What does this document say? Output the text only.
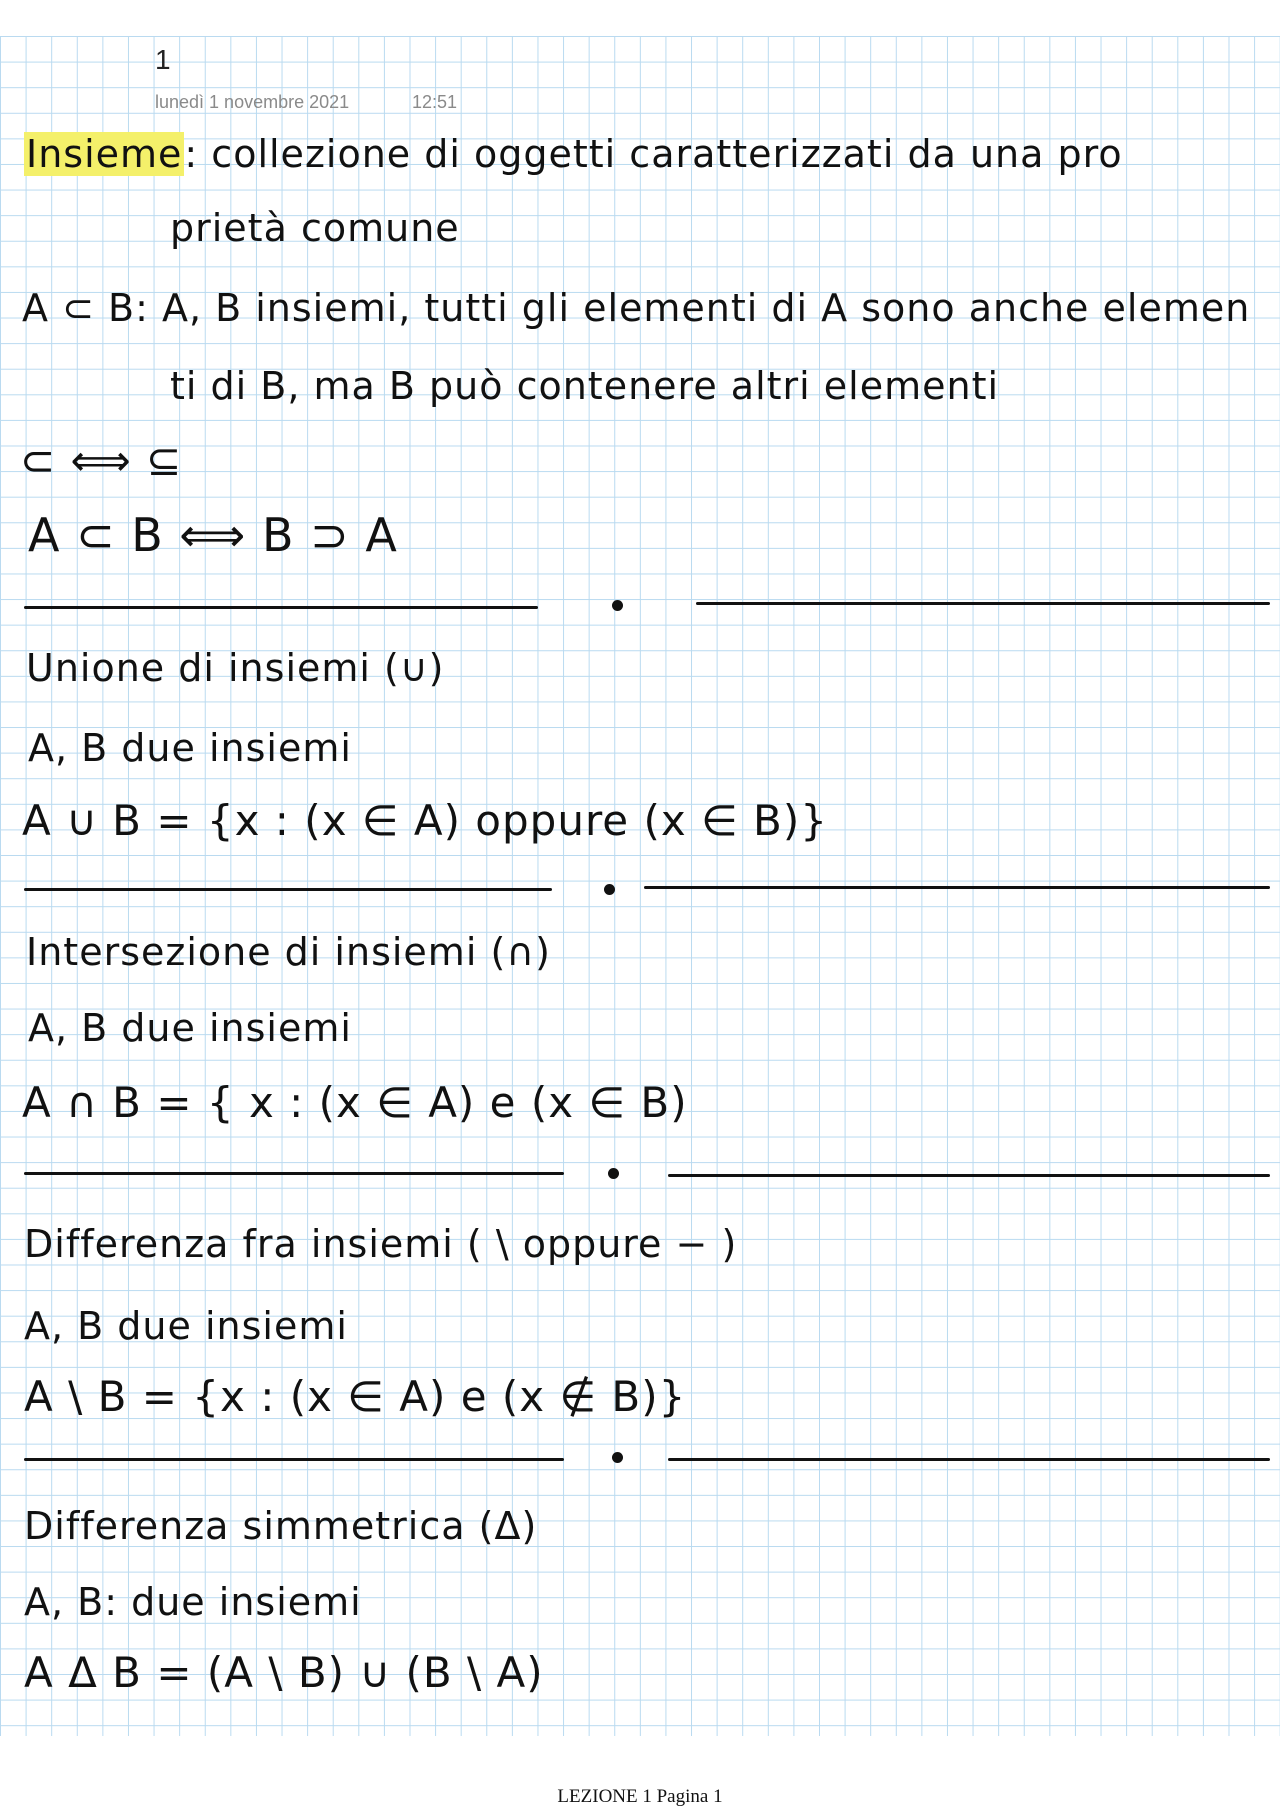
1
lunedì 1 novembre 2021	12:51
Insieme: collezione di oggetti caratterizzati da una pro
prietà comune
A ⊂ B: A, B insiemi, tutti gli elementi di A sono anche elemen
ti di B, ma B può contenere altri elementi
⊂ ⟺ ⊆
A ⊂ B ⟺ B ⊃ A
Unione di insiemi (∪)
A, B due insiemi
A ∪ B = {x : (x ∈ A) oppure (x ∈ B)}
Intersezione di insiemi (∩)
A, B due insiemi
A ∩ B = { x : (x ∈ A) e (x ∈ B)
Differenza fra insiemi ( \ oppure − )
A, B due insiemi
A \ B = {x : (x ∈ A) e (x ∉ B)}
Differenza simmetrica (Δ)
A, B: due insiemi
A Δ B = (A \ B) ∪ (B \ A)
LEZIONE 1 Pagina 1
